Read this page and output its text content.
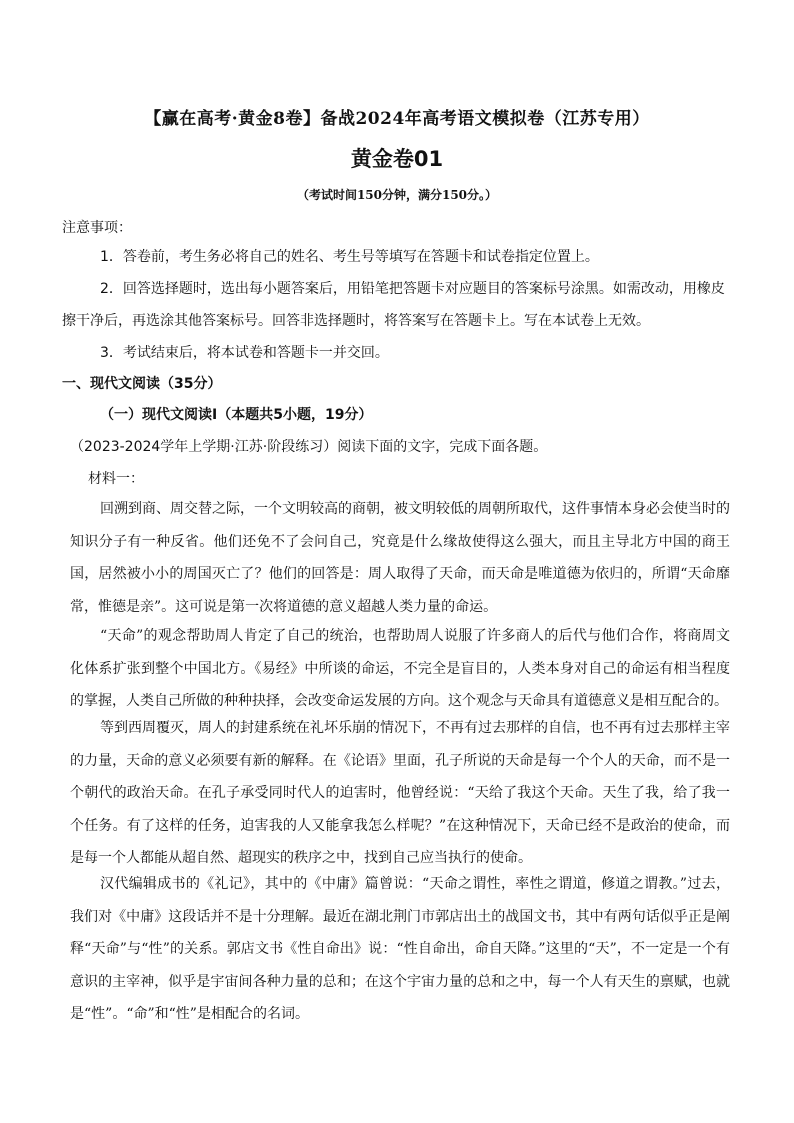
【赢在高考·黄金8卷】备战2024年高考语文模拟卷（江苏专用）
黄金卷01
（考试时间150分钟，满分150分。）
注意事项：
1．答卷前，考生务必将自己的姓名、考生号等填写在答题卡和试卷指定位置上。
2．回答选择题时，选出每小题答案后，用铅笔把答题卡对应题目的答案标号涂黑。如需改动，用橡皮擦干净后，再选涂其他答案标号。回答非选择题时，将答案写在答题卡上。写在本试卷上无效。
3．考试结束后，将本试卷和答题卡一并交回。
一、现代文阅读（35分）
（一）现代文阅读Ⅰ（本题共5小题，19分）
（2023-2024学年上学期·江苏·阶段练习）阅读下面的文字，完成下面各题。
材料一：
回溯到商、周交替之际，一个文明较高的商朝，被文明较低的周朝所取代，这件事情本身必会使当时的知识分子有一种反省。他们还免不了会问自己，究竟是什么缘故使得这么强大，而且主导北方中国的商王国，居然被小小的周国灭亡了？他们的回答是：周人取得了天命，而天命是唯道德为依归的，所谓“天命靡常，惟德是亲”。这可说是第一次将道德的意义超越人类力量的命运。
“天命”的观念帮助周人肯定了自己的统治，也帮助周人说服了许多商人的后代与他们合作，将商周文化体系扩张到整个中国北方。《易经》中所谈的命运，不完全是盲目的，人类本身对自己的命运有相当程度的掌握，人类自己所做的种种抉择，会改变命运发展的方向。这个观念与天命具有道德意义是相互配合的。
等到西周覆灭，周人的封建系统在礼坏乐崩的情况下，不再有过去那样的自信，也不再有过去那样主宰的力量，天命的意义必须要有新的解释。在《论语》里面，孔子所说的天命是每一个个人的天命，而不是一个朝代的政治天命。在孔子承受同时代人的迫害时，他曾经说：“天给了我这个天命。天生了我，给了我一个任务。有了这样的任务，迫害我的人又能拿我怎么样呢？”在这种情况下，天命已经不是政治的使命，而是每一个人都能从超自然、超现实的秩序之中，找到自己应当执行的使命。
汉代编辑成书的《礼记》，其中的《中庸》篇曾说：“天命之谓性，率性之谓道，修道之谓教。”过去，我们对《中庸》这段话并不是十分理解。最近在湖北荆门市郭店出土的战国文书，其中有两句话似乎正是阐释“天命”与“性”的关系。郭店文书《性自命出》说：“性自命出，命自天降。”这里的“天”，不一定是一个有意识的主宰神，似乎是宇宙间各种力量的总和；在这个宇宙力量的总和之中，每一个人有天生的禀赋，也就是“性”。“命”和“性”是相配合的名词。
